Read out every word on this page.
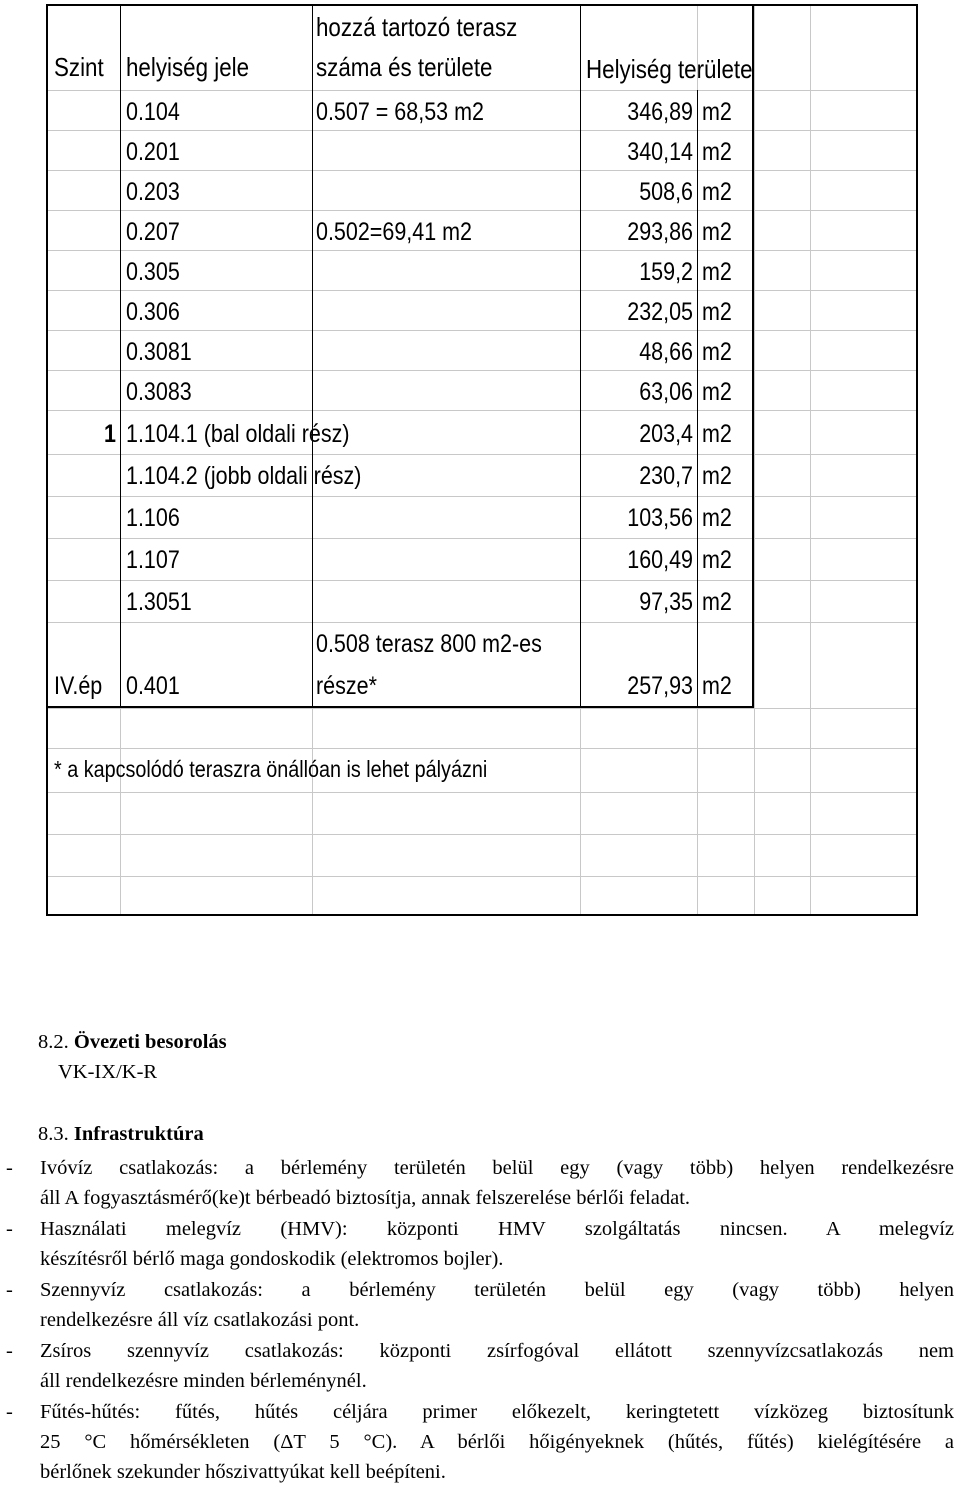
Szint helyiség jele
hozzá tartozó terasz
száma és területe	Helyiség területe
0.104	0.507 = 68,53 m2	346,89 m2
0.201	340,14 m2
0.203	508,6 m2
0.207	0.502=69,41 m2	293,86 m2
0.305	159,2 m2
0.306	232,05 m2
0.3081	48,66 m2
0.3083	63,06 m2
1 1.104.1 (bal oldali rész)	203,4 m2
1.104.2 (jobb oldali rész)	230,7 m2
1.106	103,56 m2
1.107	160,49 m2
1.3051	97,35 m2
IV.ép 0.401
0.508 terasz 800 m2-es
része*	257,93 m2
* a kapcsolódó teraszra önállóan is lehet pályázni
8.2. Övezeti besorolás
VK-IX/K-R
8.3. Infrastruktúra
- Ivóvíz csatlakozás: a bérlemény területén belül egy (vagy több) helyen rendelkezésre
áll A fogyasztásmérő(ke)t bérbeadó biztosítja, annak felszerelése bérlői feladat.
- Használati melegvíz (HMV): központi HMV szolgáltatás nincsen. A melegvíz
készítésről bérlő maga gondoskodik (elektromos bojler).
- Szennyvíz csatlakozás: a bérlemény területén belül egy (vagy több) helyen
rendelkezésre áll víz csatlakozási pont.
- Zsíros szennyvíz csatlakozás: központi zsírfogóval ellátott szennyvízcsatlakozás nem
áll rendelkezésre minden bérleménynél.
- Fűtés-hűtés: fűtés, hűtés céljára primer előkezelt, keringtetett vízközeg biztosítunk
25 °C hőmérsékleten (ΔT 5 °C). A bérlői hőigényeknek (hűtés, fűtés) kielégítésére a
bérlőnek szekunder hőszivattyúkat kell beépíteni.
